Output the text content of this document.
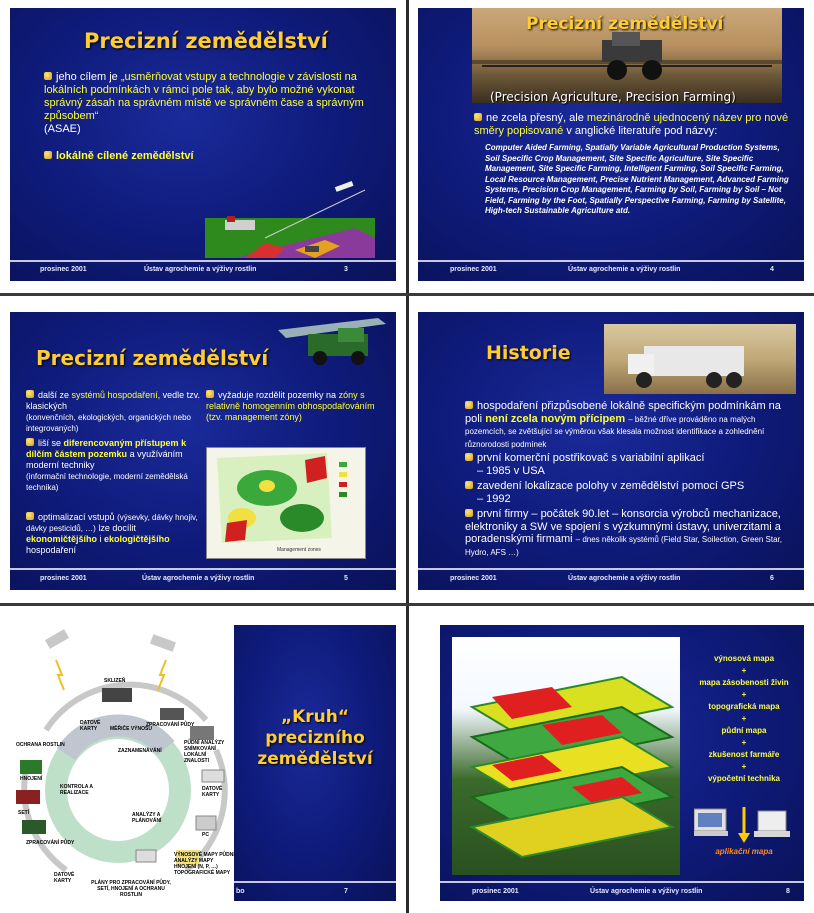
Precizní zemědělství
jeho cílem je „usměrňovat vstupy a technologie v závislosti na lokálních podmínkách v rámci pole tak, aby bylo možné vykonat správný zásah na správném místě ve správném čase a správným způsobem“
(ASAE)
lokálně cílené zemědělství
prosinec 2001	Ústav agrochemie a výživy rostlin	3
Precizní zemědělství
(Precision Agriculture, Precision Farming)
ne zcela přesný, ale mezinárodně ujednocený název pro nové směry popisované v anglické literatuře pod názvy:
Computer Aided Farming, Spatially Variable Agricultural Production Systems, Soil Specific Crop Management, Site Specific Agriculture, Site Specific Management, Site Specific Farming, Intelligent Farming, Soil Specific Farming, Local Resource Management, Precise Nutrient Management, Advanced Farming Systems, Precision Crop Management, Farming by Soil, Farming by Soil – Not Field, Farming by the Foot, Spatially Perspective Farming, Farming by Satellite, High-tech Sustainable Agriculture atd.
prosinec 2001	Ústav agrochemie a výživy rostlin	4
Precizní zemědělství
další ze systémů hospodaření, vedle tzv. klasických
(konvenčních, ekologických, organických nebo integrovaných)
liší se diferencovaným přístupem k dílčím částem pozemku a využíváním moderní techniky
(informační technologie, moderní zemědělská technika)
optimalizací vstupů (výsevky, dávky hnojiv, dávky pesticidů, …) lze docílit ekonomičtějšího i ekologičtějšího hospodaření
vyžaduje rozdělit pozemky na zóny s relativně homogenním obhospodařováním (tzv. management zóny)
Management zones
prosinec 2001	Ústav agrochemie a výživy rostlin	5
Historie
hospodaření přizpůsobené lokálně specifickým podmínkám na poli není zcela novým přícipem – běžné dříve prováděno na malých pozemcích, se zvětšující se výměrou však klesala možnost identifikace a zohlednění různorodosti podmínek
první komerční postřikovač s variabilní aplikací
– 1985 v USA
zavedení lokalizace polohy v zemědělství pomocí GPS
– 1992
první firmy – počátek 90.let – konsorcia výrobců mechanizace, elektroniky a SW ve spojení s výzkumnými ústavy, univerzitami a poradenskými firmami – dnes několik systémů (Field Star, Soilection, Green Star, Hydro, AFS …)
prosinec 2001	Ústav agrochemie a výživy rostlin	6
„Kruh“ precizního zemědělství
bo	7
SKLIZEŇ
DATOVÉ KARTY	MĚŘIČE VÝNOSU
ZPRACOVÁNÍ PŮDY
OCHRANA ROSTLIN	PŮDNÍ ANALÝZY SNÍMKOVÁNÍ LOKÁLNÍ ZNALOSTI
HNOJENÍ
ZAZNAMENÁVÁNÍ
KONTROLA A REALIZACE
ANALÝZY A PLÁNOVÁNÍ
DATOVÉ KARTY
SETÍ
PC
ZPRACOVÁNÍ PŮDY
VÝNOSOVÉ MAPY PŮDNÍ ANALÝZY MAPY HNOJENÍ (N, P, …) TOPOGRAFICKÉ MAPY
DATOVÉ KARTY	PLÁNY PRO ZPRACOVÁNÍ PŮDY, SETÍ, HNOJENÍ A OCHRANU ROSTLIN
výnosová mapa
+
mapa zásobenosti živin
+
topografická mapa
+
půdní mapa
+
zkušenost farmáře
+
výpočetní technika
aplikační mapa
prosinec 2001	Ústav agrochemie a výživy rostlin	8
